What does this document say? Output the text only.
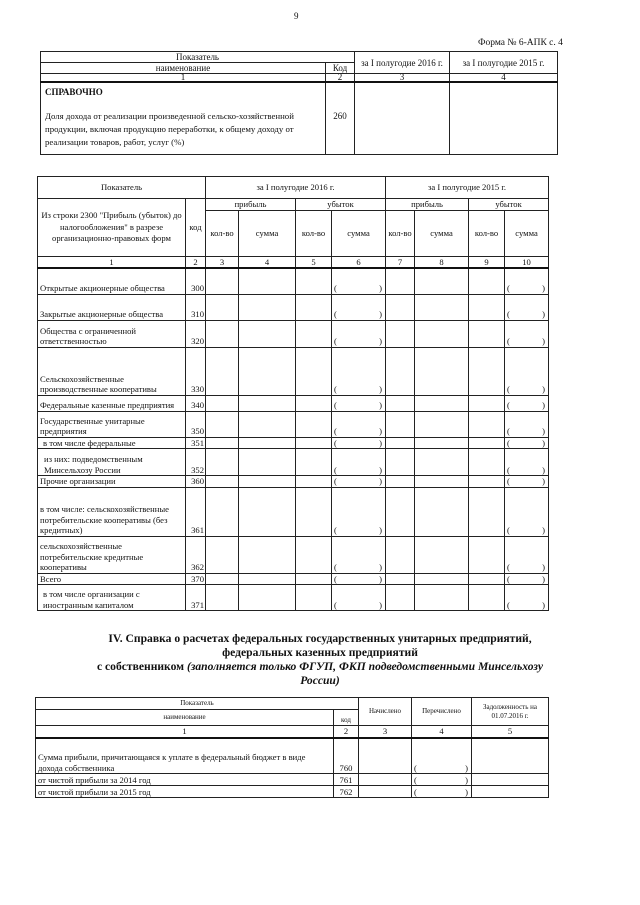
9
Форма № 6-АПК с. 4
Показатель		за I полугодие 2016 г.	за I полугодие 2015 г.
наименование	Код		
1	2	3	4

СПРАВОЧНО
Доля дохода от реализации произведенной сельско-хозяйственной продукции, включая продукцию переработки, к общему доходу от реализации товаров, работ, услуг (%)	260		
Показатель		за I полугодие 2016 г.				за I полугодие 2015 г.			
Из строки 2300 "Прибыль (убыток) до налогообложения" в разрезе организационно-правовых форм	код	прибыль		убыток		прибыль		убыток	
		кол-во	сумма	кол-во	сумма	кол-во	сумма	кол-во	сумма
1	2	3	4	5	6	7	8	9	10
Открытые акционерные общества	300				( )				( )

Закрытые акционерные общества	310				( )				( )

Общества с ограниченной ответственностью	320				( )				( )

Сельскохозяйственные производственные кооперативы	330				( )				( )

Федеральные казенные предприятия	340				( )				( )

Государственные унитарные предприятия	350				( )				( )

в том числе федеральные	351				( )				( )

из них: подведомственным Минсельхозу России	352				( )				( )

Прочие организации	360				( )				( )

в том числе: сельскохозяйственные потребительские кооперативы (без кредитных)	361				( )				( )

сельскохозяйственные потребительские кредитные кооперативы	362				( )				( )

Всего	370				( )				( )

в том числе организации с иностранным капиталом	371				( )				( )
IV. Справка о расчетах федеральных государственных унитарных предприятий,
федеральных казенных предприятий
с собственником (заполняется только ФГУП, ФКП подведомственными Минсельхозу
России)
Показатель		Начислено	Перечислено	Задолженность на 01.07.2016 г.
наименование	код			
1	2	3	4	5
Сумма прибыли, причитающаяся к уплате в федеральный бюджет в виде дохода собственника	760		( )	

от чистой прибыли за 2014 год	761		( )	

от чистой прибыли за 2015 год	762		( )	
